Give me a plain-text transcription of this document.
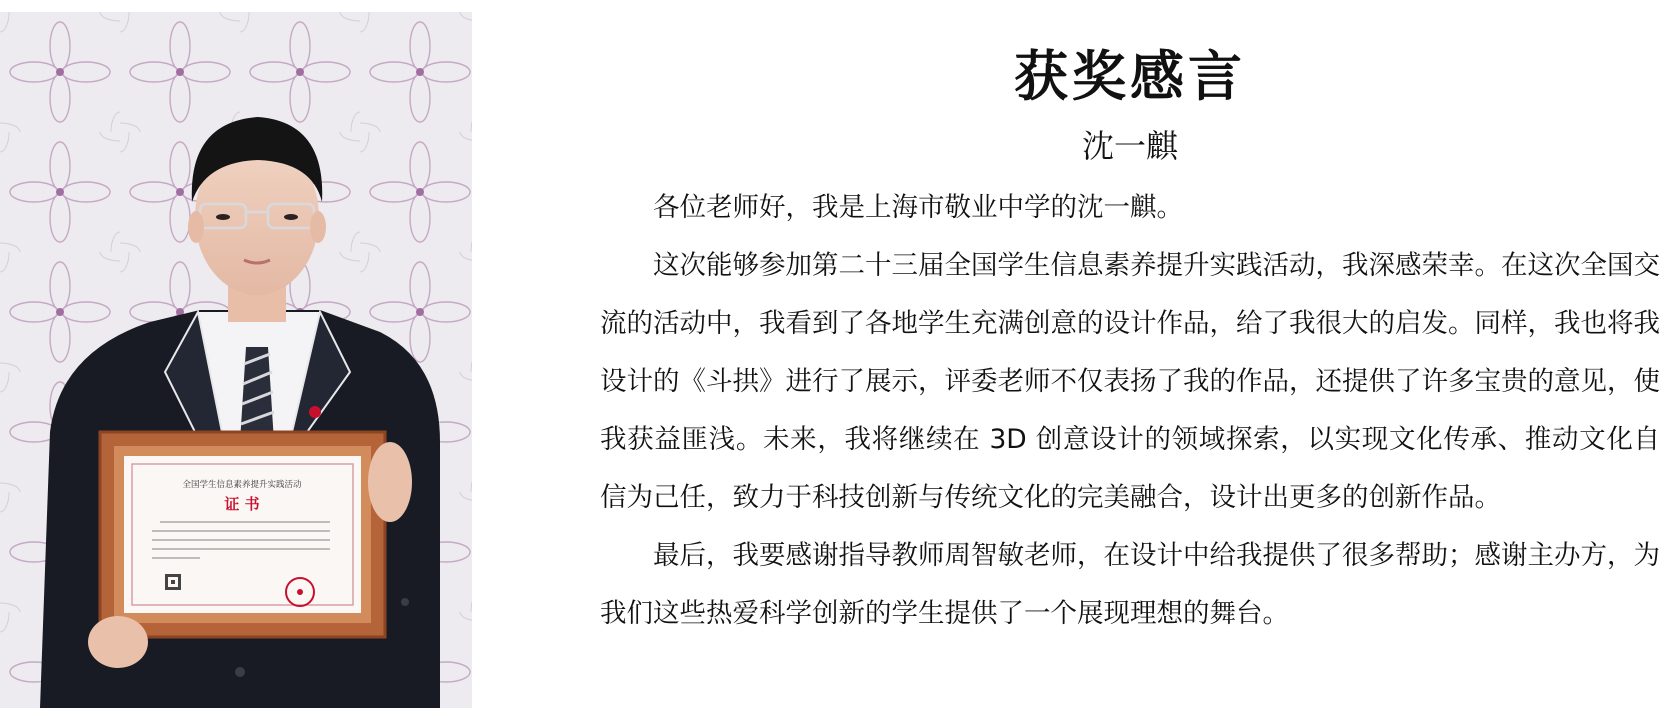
全国学生信息素养提升实践活动
证 书
获奖感言
沈一麒

各位老师好，我是上海市敬业中学的沈一麒。

这次能够参加第二十三届全国学生信息素养提升实践活动，我深感荣幸。在这次全国交流的活动中，我看到了各地学生充满创意的设计作品，给了我很大的启发。同样，我也将我设计的《斗拱》进行了展示，评委老师不仅表扬了我的作品，还提供了许多宝贵的意见，使我获益匪浅。未来，我将继续在 3D 创意设计的领域探索，以实现文化传承、推动文化自信为己任，致力于科技创新与传统文化的完美融合，设计出更多的创新作品。

最后，我要感谢指导教师周智敏老师，在设计中给我提供了很多帮助；感谢主办方，为我们这些热爱科学创新的学生提供了一个展现理想的舞台。
